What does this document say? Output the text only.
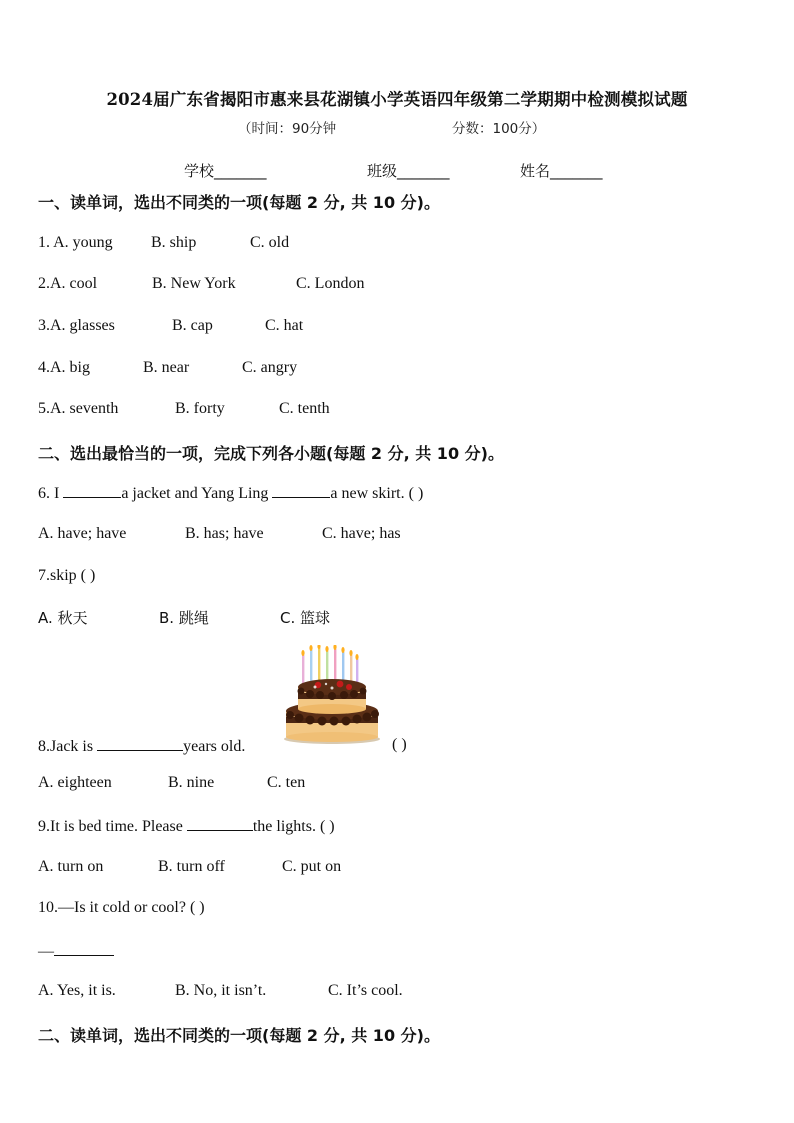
2024届广东省揭阳市惠来县花湖镇小学英语四年级第二学期期中检测模拟试题
（时间：90分钟	分数：100分）
学校_______	班级_______	姓名_______
一、读单词，选出不同类的一项(每题 2 分, 共 10 分)。
1. A. young B. ship	C. old
2.A. cool	B. New York	C. London
3.A. glasses	B. cap	C. hat
4.A. big	B. near	C. angry
5.A. seventh	B. forty	C. tenth
二、选出最恰当的一项，完成下列各小题(每题 2 分, 共 10 分)。
6. I	a jacket and Yang Ling	a new skirt. ( )
A. have; have	B. has; have	C. have; has
7.skip ( )
A. 秋天	B. 跳绳	C. 篮球
8.Jack is	years old.	( )
A. eighteen	B. nine	C. ten
9.It is bed time. Please	the lights. ( )
A. turn on	B. turn off	C. put on
10.—Is it cold or cool? ( )
—
A. Yes, it is.	B. No, it isn’t.	C. It’s cool.
二、读单词，选出不同类的一项(每题 2 分, 共 10 分)。
